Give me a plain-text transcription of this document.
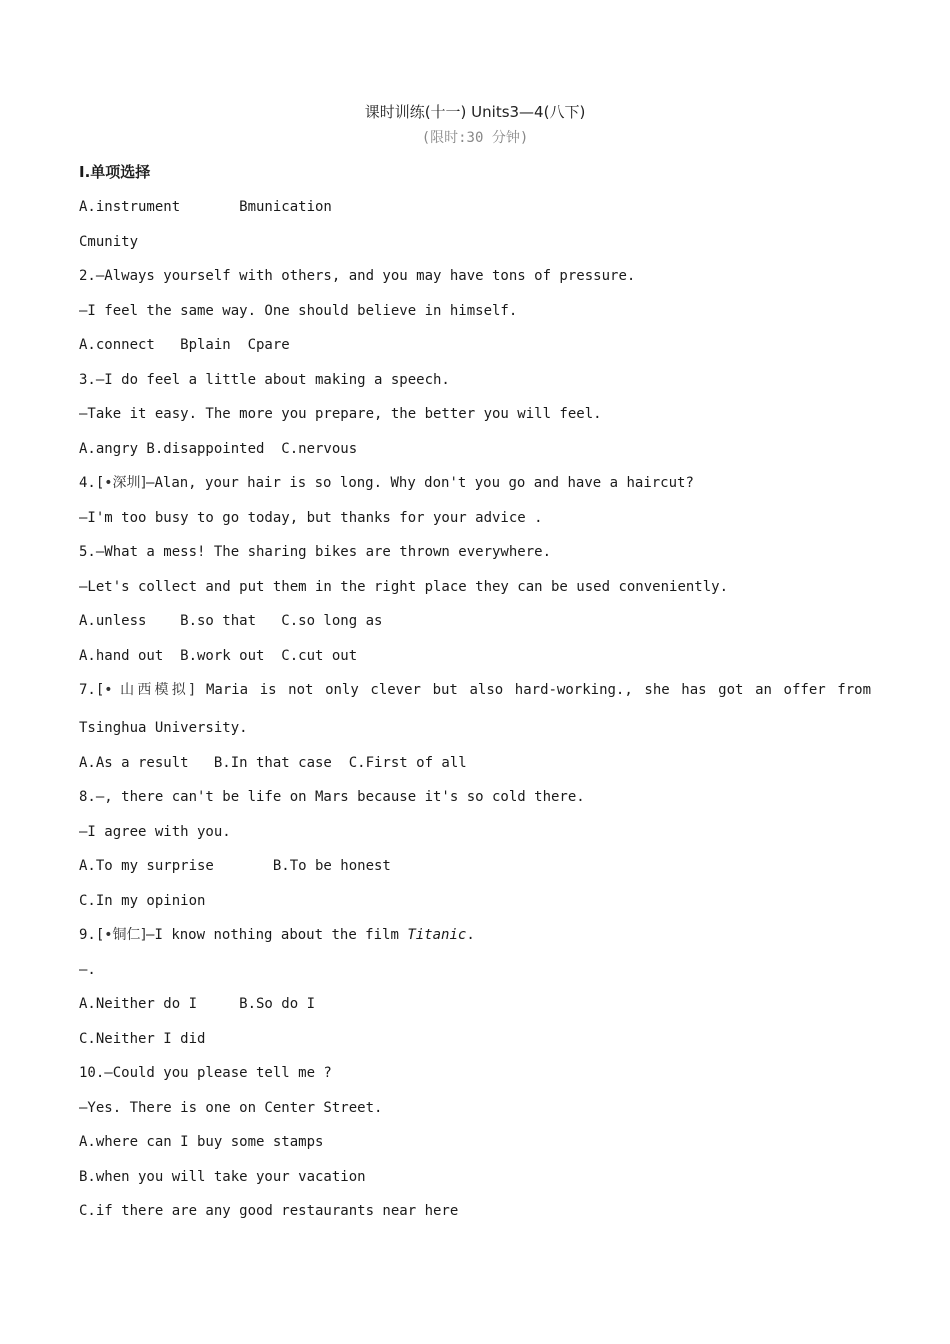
课时训练(十一) Units3—4(八下)
(限时:30 分钟)
Ⅰ.单项选择
A.instrument       Bmunication
Cmunity
2.—Always yourself with others, and you may have tons of pressure.
—I feel the same way. One should believe in himself.
A.connect   Bplain  Cpare
3.—I do feel a little about making a speech.
—Take it easy. The more you prepare, the better you will feel.
A.angry B.disappointed  C.nervous
4.[•深圳]—Alan, your hair is so long. Why don't you go and have a haircut?
—I'm too busy to go today, but thanks for your advice .
5.—What a mess! The sharing bikes are thrown everywhere.
—Let's collect and put them in the right place they can be used conveniently.
A.unless    B.so that   C.so long as
A.hand out  B.work out  C.cut out
7.[• 山西模拟] Maria is not only clever but also hard-working., she has got an offer from
Tsinghua University.
A.As a result   B.In that case  C.First of all
8.—, there can't be life on Mars because it's so cold there.
—I agree with you.
A.To my surprise       B.To be honest
C.In my opinion
9.[•铜仁]—I know nothing about the film Titanic.
—.
A.Neither do I     B.So do I
C.Neither I did
10.—Could you please tell me ?
—Yes. There is one on Center Street.
A.where can I buy some stamps
B.when you will take your vacation
C.if there are any good restaurants near here
